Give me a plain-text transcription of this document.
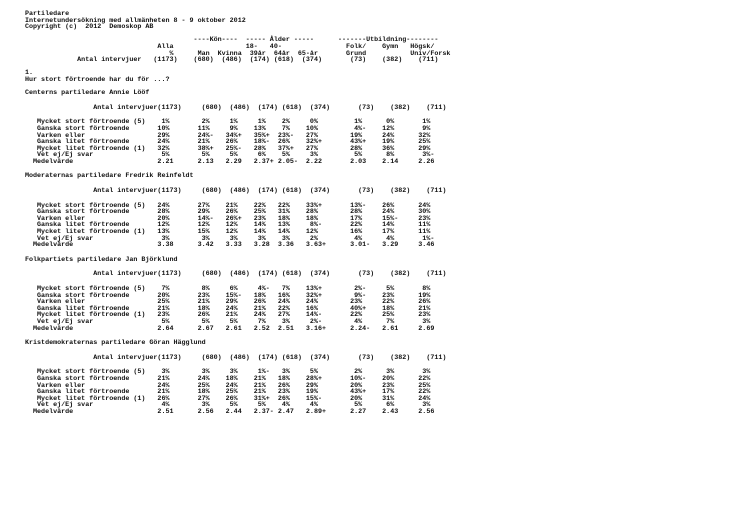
Partiledare
Internetundersökning med allmänheten 8 - 9 oktober 2012
Copyright (c)  2012  Demoskop AB
----Kön----  ----- Ålder -----      -------Utbildning--------
Alla                  18-   40-                Folk/    Gymn   Högsk/
%      Man  Kvinna  39år  64år  65-år       Grund           Univ/Forsk
Antal intervjuer   (1173)    (680)  (486)  (174) (618)  (374)       (73)    (382)    (711)
1.
Hur stort förtroende har du för ...?
Centerns partiledare Annie Lööf
Antal intervjuer(1173)     (680)  (486)  (174) (618)  (374)       (73)    (382)    (711)
Mycket stort förtroende (5)    1%        2%     1%     1%    2%     0%         1%      0%       1%
Ganska stort förtroende       10%       11%     9%    13%    7%    10%         4%-    12%       9%
Varken eller                  29%       24%-   34%+   35%+  23%-   27%        19%     24%      32%
Ganska litet förtroende       24%       21%    26%    18%-  26%    32%+       43%+    19%      25%
Mycket litet förtroende (1)   32%       38%+   25%-   28%   37%+   27%        28%     36%      29%
Vet ej/Ej svar                 5%        5%     5%     6%    5%     3%         5%      8%       3%-
Medelvärde                     2.21      2.13   2.29   2.37+ 2.05-  2.22       2.03    2.14     2.26
Moderaternas partiledare Fredrik Reinfeldt
Antal intervjuer(1173)     (680)  (486)  (174) (618)  (374)       (73)    (382)    (711)
Mycket stort förtroende (5)   24%       27%    21%    22%   22%    33%+       13%-    26%      24%
Ganska stort förtroende       28%       29%    26%    25%   31%    28%        28%     24%      30%
Varken eller                  20%       14%-   26%+   23%   18%    18%        17%     15%-     23%
Ganska litet förtroende       12%       12%    12%    14%   13%     8%-       22%     14%      11%
Mycket litet förtroende (1)   13%       15%    12%    14%   14%    12%        16%     17%      11%
Vet ej/Ej svar                 3%        3%     3%     3%    3%     2%         4%      4%       1%-
Medelvärde                     3.38      3.42   3.33   3.28  3.36   3.63+      3.01-   3.29     3.46
Folkpartiets partiledare Jan Björklund
Antal intervjuer(1173)     (680)  (486)  (174) (618)  (374)       (73)    (382)    (711)
Mycket stort förtroende (5)    7%        8%     6%     4%-   7%    13%+        2%-     5%       8%
Ganska stort förtroende       20%       23%    15%-   18%   16%    32%+        9%-    23%      19%
Varken eller                  25%       21%    29%    26%   24%    24%        23%     22%      26%
Ganska litet förtroende       21%       18%    24%    21%   22%    16%        40%+    18%      21%
Mycket litet förtroende (1)   23%       26%    21%    24%   27%    14%-       22%     25%      23%
Vet ej/Ej svar                 5%        5%     5%     7%    3%     2%-        4%      7%       3%
Medelvärde                     2.64      2.67   2.61   2.52  2.51   3.16+      2.24-   2.61     2.69
Kristdemokraternas partiledare Göran Hägglund
Antal intervjuer(1173)     (680)  (486)  (174) (618)  (374)       (73)    (382)    (711)
Mycket stort förtroende (5)    3%        3%     3%     1%-   3%     5%         2%      3%       3%
Ganska stort förtroende       21%       24%    18%    21%   18%    28%+       10%-    20%      22%
Varken eller                  24%       25%    24%    21%   26%    29%        20%     23%      25%
Ganska litet förtroende       21%       18%    25%    21%   23%    19%        43%+    17%      22%
Mycket litet förtroende (1)   26%       27%    26%    31%+  26%    15%-       20%     31%      24%
Vet ej/Ej svar                 4%        3%     5%     5%    4%     4%         5%      6%       3%
Medelvärde                     2.51      2.56   2.44   2.37- 2.47   2.89+      2.27    2.43     2.56
